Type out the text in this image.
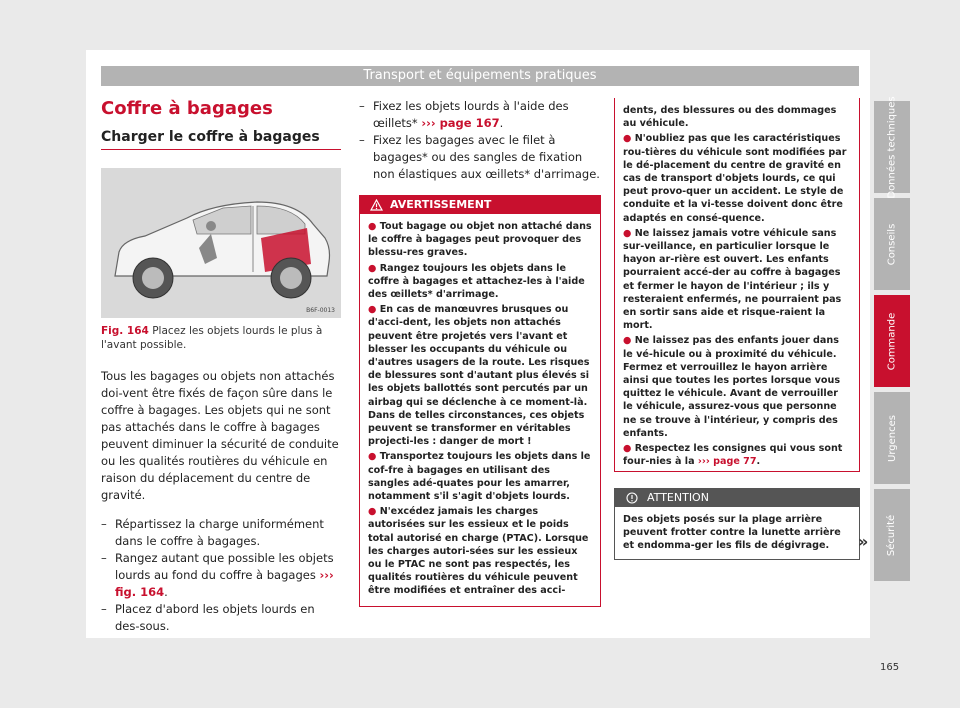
Transport et équipements pratiques
Coffre à bagages
Charger le coffre à bagages
B6F-0013
Fig. 164 Placez les objets lourds le plus à l'avant possible.

Tous les bagages ou objets non attachés doi-vent être fixés de façon sûre dans le coffre à bagages. Les objets qui ne sont pas attachés dans le coffre à bagages peuvent diminuer la sécurité de conduite ou les qualités routières du véhicule en raison du déplacement du centre de gravité.

– Répartissez la charge uniformément dans le coffre à bagages.
– Rangez autant que possible les objets lourds au fond du coffre à bagages ››› fig. 164.
– Placez d'abord les objets lourds en des-sous.
– Fixez les objets lourds à l'aide des œillets* ››› page 167.
– Fixez les bagages avec le filet à bagages* ou des sangles de fixation non élastiques aux œillets* d'arrimage.
AVERTISSEMENT

● Tout bagage ou objet non attaché dans le coffre à bagages peut provoquer des blessu-res graves.

● Rangez toujours les objets dans le coffre à bagages et attachez-les à l'aide des œillets* d'arrimage.

● En cas de manœuvres brusques ou d'acci-dent, les objets non attachés peuvent être projetés vers l'avant et blesser les occupants du véhicule ou d'autres usagers de la route. Les risques de blessures sont d'autant plus élevés si les objets ballottés sont percutés par un airbag qui se déclenche à ce moment-là. Dans de telles circonstances, ces objets peuvent se transformer en véritables projecti-les : danger de mort !

● Transportez toujours les objets dans le cof-fre à bagages en utilisant des sangles adé-quates pour les amarrer, notamment s'il s'agit d'objets lourds.

● N'excédez jamais les charges autorisées sur les essieux et le poids total autorisé en charge (PTAC). Lorsque les charges autori-sées sur les essieux ou le PTAC ne sont pas respectés, les qualités routières du véhicule peuvent être modifiées et entraîner des acci-

dents, des blessures ou des dommages au véhicule.

● N'oubliez pas que les caractéristiques rou-tières du véhicule sont modifiées par le dé-placement du centre de gravité en cas de transport d'objets lourds, ce qui peut provo-quer un accident. Le style de conduite et la vi-tesse doivent donc être adaptés en consé-quence.

● Ne laissez jamais votre véhicule sans sur-veillance, en particulier lorsque le hayon ar-rière est ouvert. Les enfants pourraient accé-der au coffre à bagages et fermer le hayon de l'intérieur ; ils y resteraient enfermés, ne pourraient pas en sortir sans aide et risque-raient la mort.

● Ne laissez pas des enfants jouer dans le vé-hicule ou à proximité du véhicule. Fermez et verrouillez le hayon arrière ainsi que toutes les portes lorsque vous quittez le véhicule. Avant de verrouiller le véhicule, assurez-vous que personne ne se trouve à l'intérieur, y compris des enfants.

● Respectez les consignes qui vous sont four-nies à la ››› page 77.

ATTENTION
Des objets posés sur la plage arrière peuvent frotter contre la lunette arrière et endomma-ger les fils de dégivrage.	»
Données techniques
Conseils
Commande
Urgences
Sécurité
165
